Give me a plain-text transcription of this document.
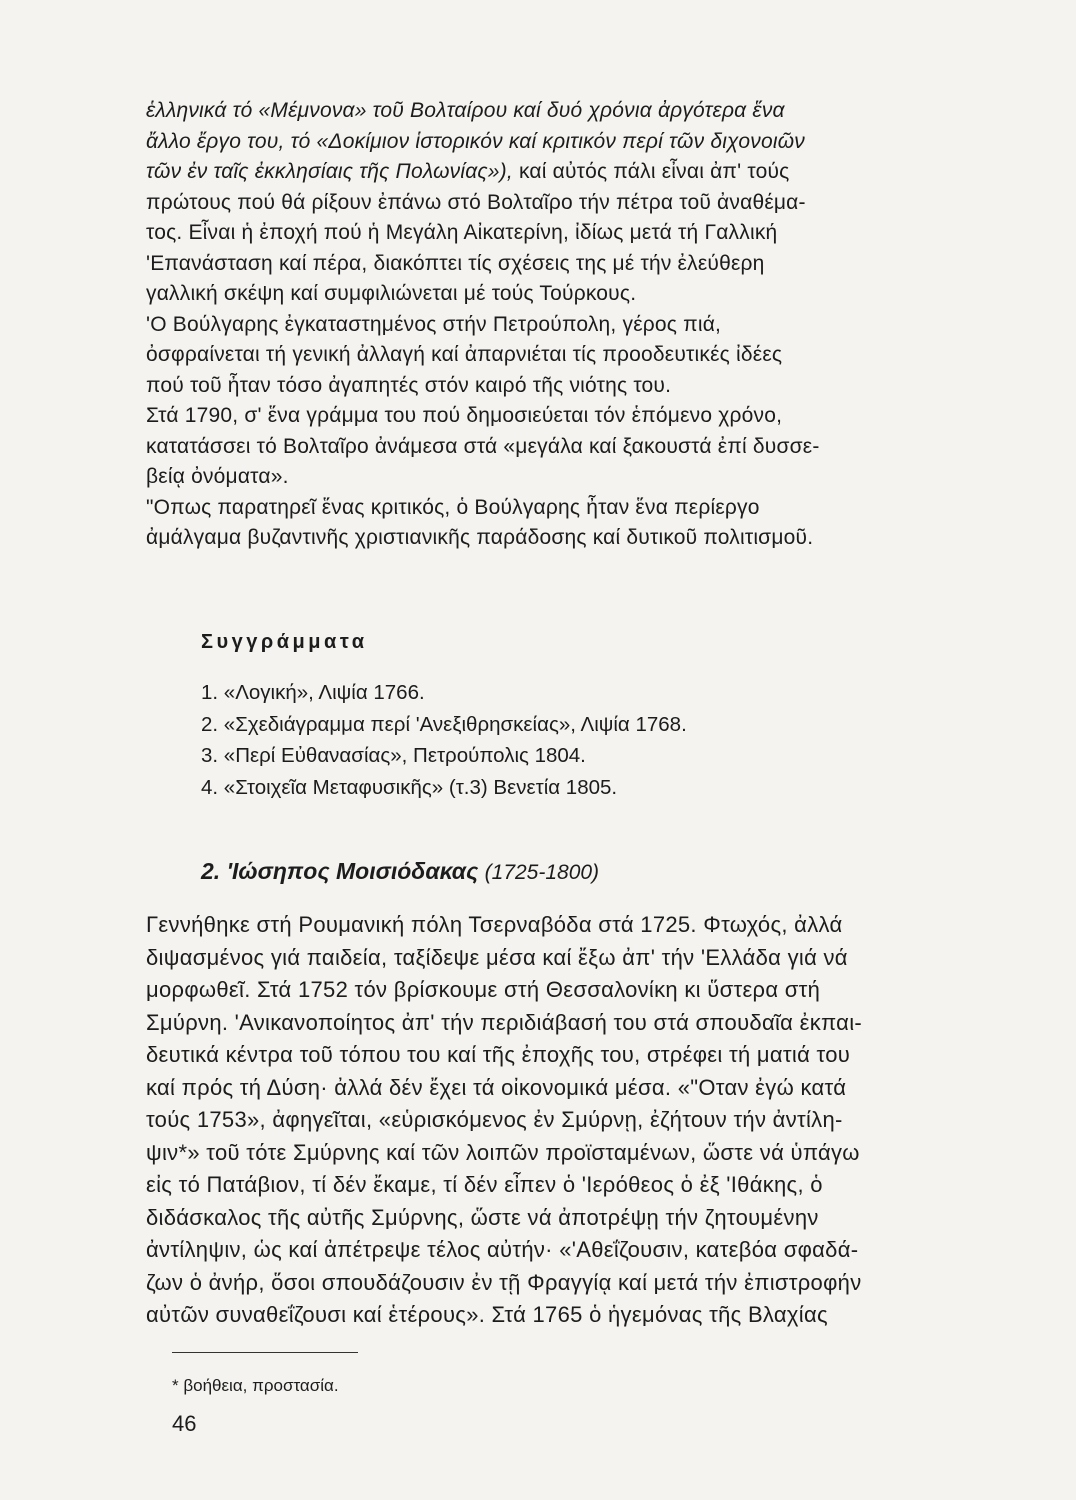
ἑλληνικά τό «Μέμνονα» τοῦ Βολταίρου καί δυό χρόνια ἀργότερα ἕνα
ἄλλο ἔργο του, τό «Δοκίμιον ἱστορικόν καί κριτικόν περί τῶν διχονοιῶν
τῶν ἐν ταῖς ἐκκλησίαις τῆς Πολωνίας»), καί αὐτός πάλι εἶναι ἀπ' τούς
πρώτους πού θά ρίξουν ἐπάνω στό Βολταῖρο τήν πέτρα τοῦ ἀναθέμα-
τος. Εἶναι ἡ ἐποχή πού ἡ Μεγάλη Αἰκατερίνη, ἰδίως μετά τή Γαλλική
'Επανάσταση καί πέρα, διακόπτει τίς σχέσεις της μέ τήν ἐλεύθερη
γαλλική σκέψη καί συμφιλιώνεται μέ τούς Τούρκους.
'Ο Βούλγαρης ἐγκαταστημένος στήν Πετρούπολη, γέρος πιά,
ὀσφραίνεται τή γενική ἀλλαγή καί ἀπαρνιέται τίς προοδευτικές ἰδέες
πού τοῦ ἦταν τόσο ἀγαπητές στόν καιρό τῆς νιότης του.
Στά 1790, σ' ἕνα γράμμα του πού δημοσιεύεται τόν ἑπόμενο χρόνο,
κατατάσσει τό Βολταῖρο ἀνάμεσα στά «μεγάλα καί ξακουστά ἐπί δυσσε-
βείᾳ ὀνόματα».
"Οπως παρατηρεῖ ἕνας κριτικός, ὁ Βούλγαρης ἦταν ἕνα περίεργο
ἀμάλγαμα βυζαντινῆς χριστιανικῆς παράδοσης καί δυτικοῦ πολιτισμοῦ.
Συγγράμματα
1. «Λογική», Λιψία 1766.
2. «Σχεδιάγραμμα περί 'Ανεξιθρησκείας», Λιψία 1768.
3. «Περί Εὐθανασίας», Πετρούπολις 1804.
4. «Στοιχεῖα Μεταφυσικῆς» (τ.3) Βενετία 1805.
2. 'Ιώσηπος Μοισιόδακας (1725-1800)
Γεννήθηκε στή Ρουμανική πόλη Τσερναβόδα στά 1725. Φτωχός, ἀλλά
διψασμένος γιά παιδεία, ταξίδεψε μέσα καί ἔξω ἀπ' τήν 'Ελλάδα γιά νά
μορφωθεῖ. Στά 1752 τόν βρίσκουμε στή Θεσσαλονίκη κι ὕστερα στή
Σμύρνη. 'Ανικανοποίητος ἀπ' τήν περιδιάβασή του στά σπουδαῖα ἐκπαι-
δευτικά κέντρα τοῦ τόπου του καί τῆς ἐποχῆς του, στρέφει τή ματιά του
καί πρός τή Δύση· ἀλλά δέν ἔχει τά οἰκονομικά μέσα. «"Οταν ἐγώ κατά
τούς 1753», ἀφηγεῖται, «εὑρισκόμενος ἐν Σμύρνῃ, ἐζήτουν τήν ἀντίλη-
ψιν*» τοῦ τότε Σμύρνης καί τῶν λοιπῶν προϊσταμένων, ὥστε νά ὑπάγω
εἰς τό Πατάβιον, τί δέν ἔκαμε, τί δέν εἶπεν ὁ 'Ιερόθεος ὁ ἐξ 'Ιθάκης, ὁ
διδάσκαλος τῆς αὐτῆς Σμύρνης, ὥστε νά ἀποτρέψῃ τήν ζητουμένην
ἀντίληψιν, ὡς καί ἀπέτρεψε τέλος αὐτήν· «'Αθεΐζουσιν, κατεβόα σφαδά-
ζων ὁ ἀνήρ, ὅσοι σπουδάζουσιν ἐν τῇ Φραγγίᾳ καί μετά τήν ἐπιστροφήν
αὐτῶν συναθεΐζουσι καί ἑτέρους». Στά 1765 ὁ ἡγεμόνας τῆς Βλαχίας
* βοήθεια, προστασία.
46
